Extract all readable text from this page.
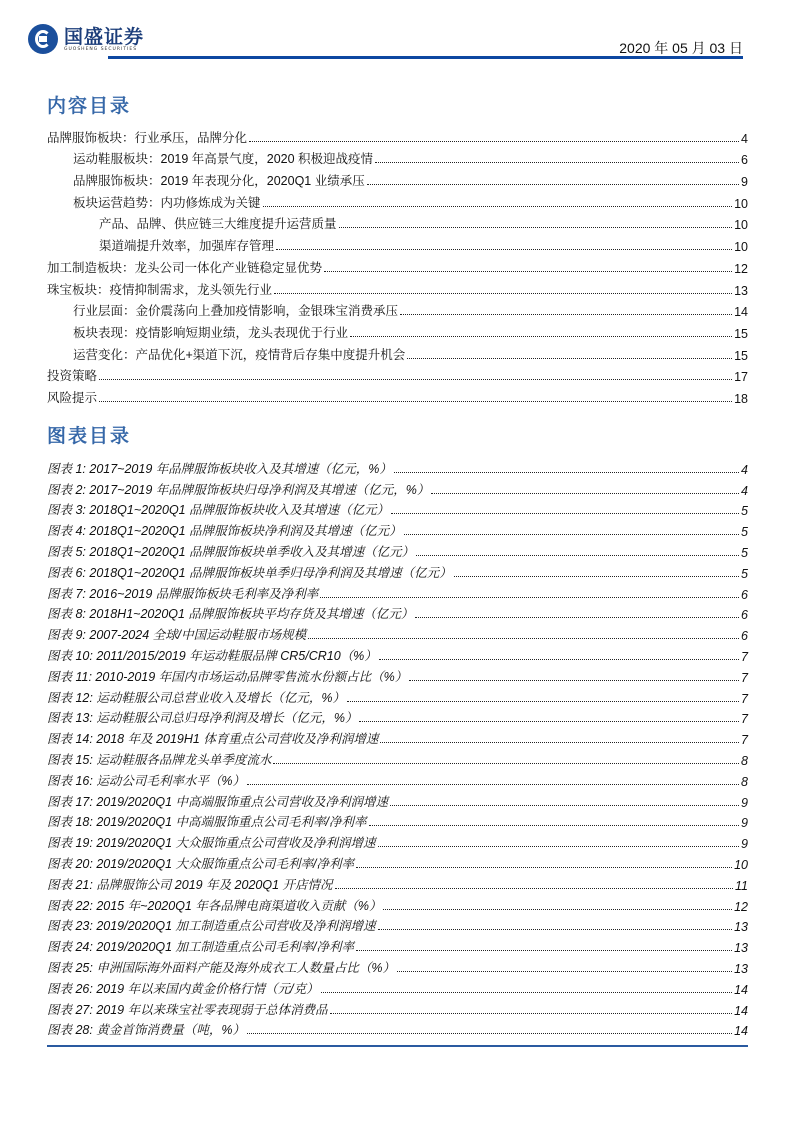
国盛证券
GUOSHENG SECURITIES	2020 年 05 月 03 日
内容目录
品牌服饰板块：行业承压，品牌分化	4
运动鞋服板块：2019 年高景气度，2020 积极迎战疫情	6
品牌服饰板块：2019 年表现分化，2020Q1 业绩承压	9
板块运营趋势：内功修炼成为关键	10
产品、品牌、供应链三大维度提升运营质量	10
渠道端提升效率，加强库存管理	10
加工制造板块：龙头公司一体化产业链稳定显优势	12
珠宝板块：疫情抑制需求，龙头领先行业	13
行业层面：金价震荡向上叠加疫情影响，金银珠宝消费承压	14
板块表现：疫情影响短期业绩，龙头表现优于行业	15
运营变化：产品优化+渠道下沉，疫情背后存集中度提升机会	15
投资策略	17
风险提示	18
图表目录
图表 1: 2017~2019 年品牌服饰板块收入及其增速（亿元，%）	4
图表 2: 2017~2019 年品牌服饰板块归母净利润及其增速（亿元，%）	4
图表 3: 2018Q1~2020Q1 品牌服饰板块收入及其增速（亿元）	5
图表 4: 2018Q1~2020Q1 品牌服饰板块净利润及其增速（亿元）	5
图表 5: 2018Q1~2020Q1 品牌服饰板块单季收入及其增速（亿元）	5
图表 6: 2018Q1~2020Q1 品牌服饰板块单季归母净利润及其增速（亿元）	5
图表 7: 2016~2019 品牌服饰板块毛利率及净利率	6
图表 8: 2018H1~2020Q1 品牌服饰板块平均存货及其增速（亿元）	6
图表 9: 2007-2024 全球/中国运动鞋服市场规模	6
图表 10: 2011/2015/2019 年运动鞋服品牌 CR5/CR10（%）	7
图表 11: 2010-2019 年国内市场运动品牌零售流水份额占比（%）	7
图表 12: 运动鞋服公司总营业收入及增长（亿元，%）	7
图表 13: 运动鞋服公司总归母净利润及增长（亿元，%）	7
图表 14: 2018 年及 2019H1 体育重点公司营收及净利润增速	7
图表 15: 运动鞋服各品牌龙头单季度流水	8
图表 16: 运动公司毛利率水平（%）	8
图表 17: 2019/2020Q1 中高端服饰重点公司营收及净利润增速	9
图表 18: 2019/2020Q1 中高端服饰重点公司毛利率/净利率	9
图表 19: 2019/2020Q1 大众服饰重点公司营收及净利润增速	9
图表 20: 2019/2020Q1 大众服饰重点公司毛利率/净利率	10
图表 21: 品牌服饰公司 2019 年及 2020Q1 开店情况	11
图表 22: 2015 年~2020Q1 年各品牌电商渠道收入贡献（%）	12
图表 23: 2019/2020Q1 加工制造重点公司营收及净利润增速	13
图表 24: 2019/2020Q1 加工制造重点公司毛利率/净利率	13
图表 25: 申洲国际海外面料产能及海外成衣工人数量占比（%）	13
图表 26: 2019 年以来国内黄金价格行情（元/克）	14
图表 27: 2019 年以来珠宝社零表现弱于总体消费品	14
图表 28: 黄金首饰消费量（吨，%）	14
